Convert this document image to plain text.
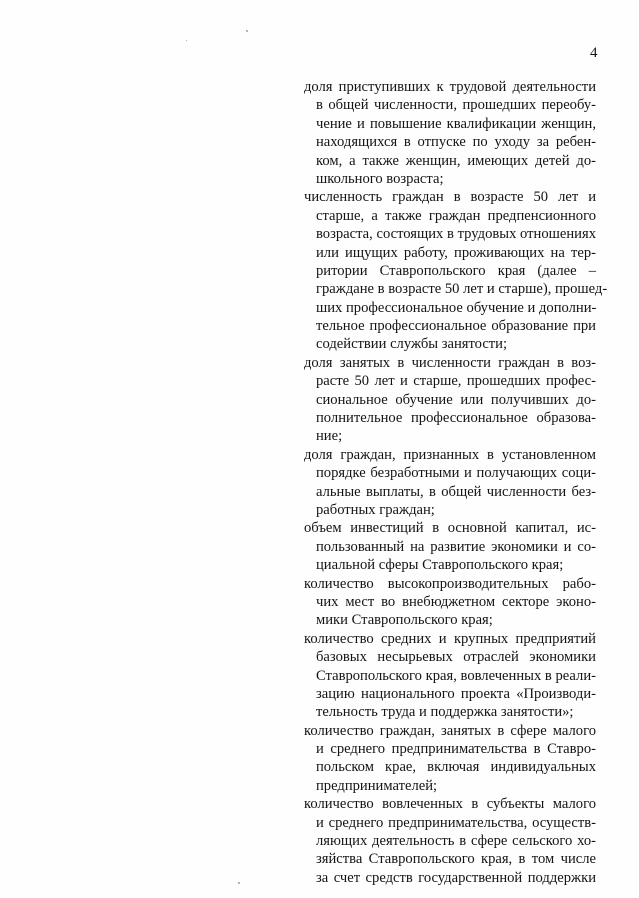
4
доля приступивших к трудовой деятельности
в общей численности, прошедших переобу-
чение и повышение квалификации женщин,
находящихся в отпуске по уходу за ребен-
ком, а также женщин, имеющих детей до-
школьного возраста;
численность граждан в возрасте 50 лет и
старше, а также граждан предпенсионного
возраста, состоящих в трудовых отношениях
или ищущих работу, проживающих на тер-
ритории Ставропольского края (далее –
граждане в возрасте 50 лет и старше), прошед-
ших профессиональное обучение и дополни-
тельное профессиональное образование при
содействии службы занятости;
доля занятых в численности граждан в воз-
расте 50 лет и старше, прошедших профес-
сиональное обучение или получивших до-
полнительное профессиональное образова-
ние;
доля граждан, признанных в установленном
порядке безработными и получающих соци-
альные выплаты, в общей численности без-
работных граждан;
объем инвестиций в основной капитал, ис-
пользованный на развитие экономики и со-
циальной сферы Ставропольского края;
количество высокопроизводительных рабо-
чих мест во внебюджетном секторе эконо-
мики Ставропольского края;
количество средних и крупных предприятий
базовых несырьевых отраслей экономики
Ставропольского края, вовлеченных в реали-
зацию национального проекта «Производи-
тельность труда и поддержка занятости»;
количество граждан, занятых в сфере малого
и среднего предпринимательства в Ставро-
польском крае, включая индивидуальных
предпринимателей;
количество вовлеченных в субъекты малого
и среднего предпринимательства, осуществ-
ляющих деятельность в сфере сельского хо-
зяйства Ставропольского края, в том числе
за счет средств государственной поддержки
